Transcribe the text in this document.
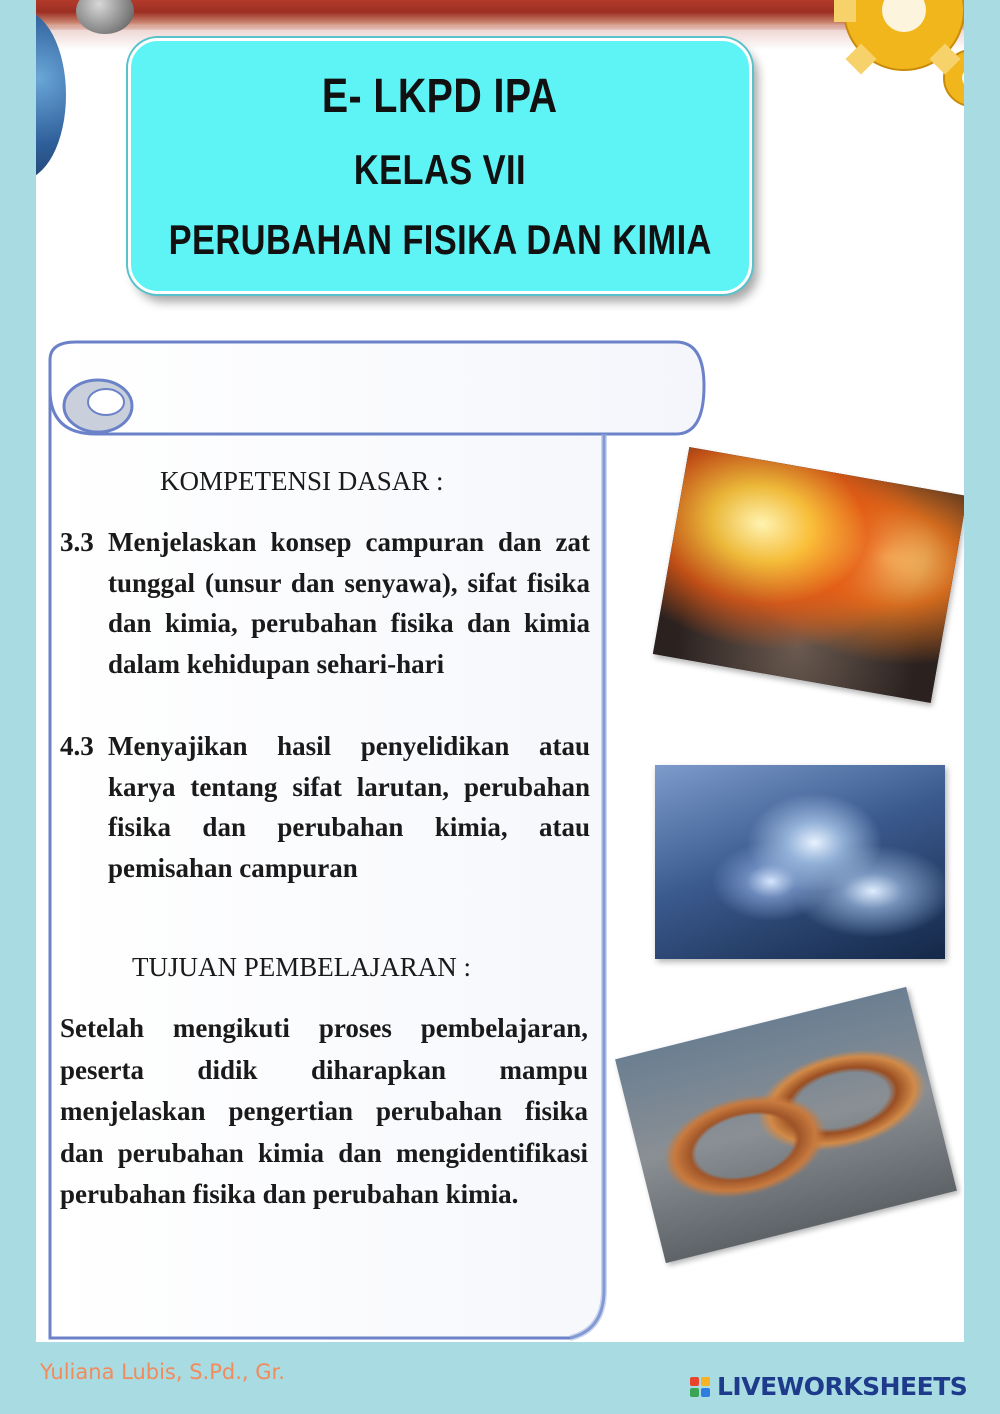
E- LKPD IPA
KELAS VII
PERUBAHAN FISIKA DAN KIMIA
KOMPETENSI DASAR :
3.3 Menjelaskan konsep campuran dan zat tunggal (unsur dan senyawa), sifat fisika dan kimia, perubahan fisika dan kimia dalam kehidupan sehari-hari
4.3 Menyajikan hasil penyelidikan atau karya tentang sifat larutan, perubahan fisika dan perubahan kimia, atau pemisahan campuran
TUJUAN PEMBELAJARAN :
Setelah mengikuti proses pembelajaran, peserta didik diharapkan mampu menjelaskan pengertian perubahan fisika dan perubahan kimia dan mengidentifikasi perubahan fisika dan perubahan kimia.
Yuliana Lubis, S.Pd., Gr.	LIVEWORKSHEETS
